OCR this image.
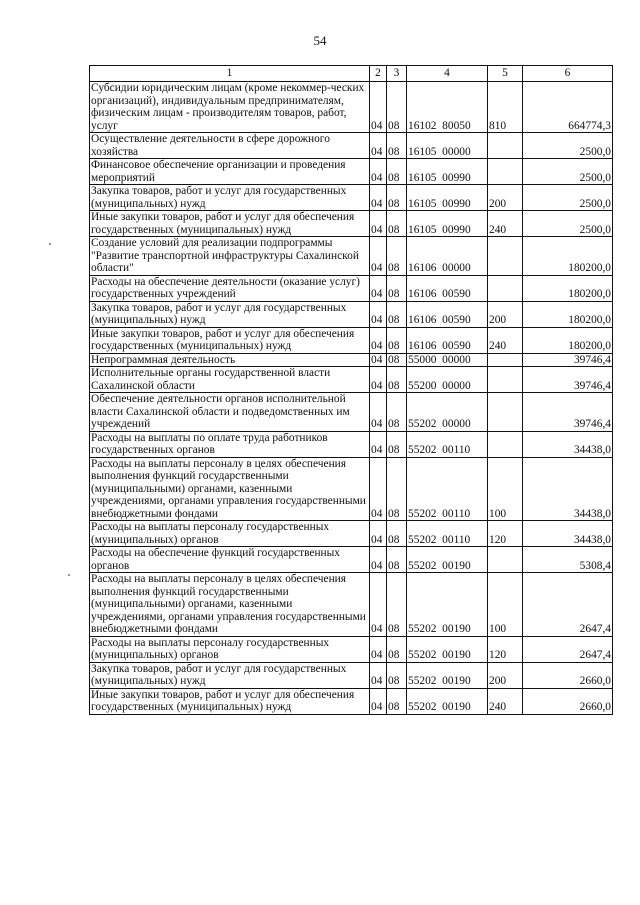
54
1	2	3	4	5	6
Субсидии юридическим лицам (кроме некоммер-ческих организаций), индивидуальным предпринимателям, физическим лицам - производителям товаров, работ, услуг	04	08	16102  80050	810	664774,3
Осуществление деятельности в сфере дорожного хозяйства	04	08	16105  00000		2500,0
Финансовое обеспечение организации и проведения мероприятий	04	08	16105  00990		2500,0
Закупка товаров, работ и услуг для государственных (муниципальных) нужд	04	08	16105  00990	200	2500,0
Иные закупки товаров, работ и услуг для обеспечения государственных (муниципальных) нужд	04	08	16105  00990	240	2500,0
Создание условий для реализации подпрограммы "Развитие транспортной инфраструктуры Сахалинской области"	04	08	16106  00000		180200,0
Расходы на обеспечение деятельности (оказание услуг) государственных учреждений	04	08	16106  00590		180200,0
Закупка товаров, работ и услуг для государственных (муниципальных) нужд	04	08	16106  00590	200	180200,0
Иные закупки товаров, работ и услуг для обеспечения государственных (муниципальных) нужд	04	08	16106  00590	240	180200,0
Непрограммная деятельность	04	08	55000  00000		39746,4
Исполнительные органы государственной власти Сахалинской области	04	08	55200  00000		39746,4
Обеспечение деятельности органов исполнительной власти Сахалинской области и подведомственных им учреждений	04	08	55202  00000		39746,4
Расходы на выплаты по оплате труда работников государственных органов	04	08	55202  00110		34438,0
Расходы на выплаты персоналу в целях обеспечения выполнения функций государственными (муниципальными) органами, казенными учреждениями, органами управления государственными внебюджетными фондами	04	08	55202  00110	100	34438,0
Расходы на выплаты персоналу государственных (муниципальных) органов	04	08	55202  00110	120	34438,0
Расходы на обеспечение функций государственных органов	04	08	55202  00190		5308,4
Расходы на выплаты персоналу в целях обеспечения выполнения функций государственными (муниципальными) органами, казенными учреждениями, органами управления государственными внебюджетными фондами	04	08	55202  00190	100	2647,4
Расходы на выплаты персоналу государственных (муниципальных) органов	04	08	55202  00190	120	2647,4
Закупка товаров, работ и услуг для государственных (муниципальных) нужд	04	08	55202  00190	200	2660,0
Иные закупки товаров, работ и услуг для обеспечения государственных (муниципальных) нужд	04	08	55202  00190	240	2660,0
